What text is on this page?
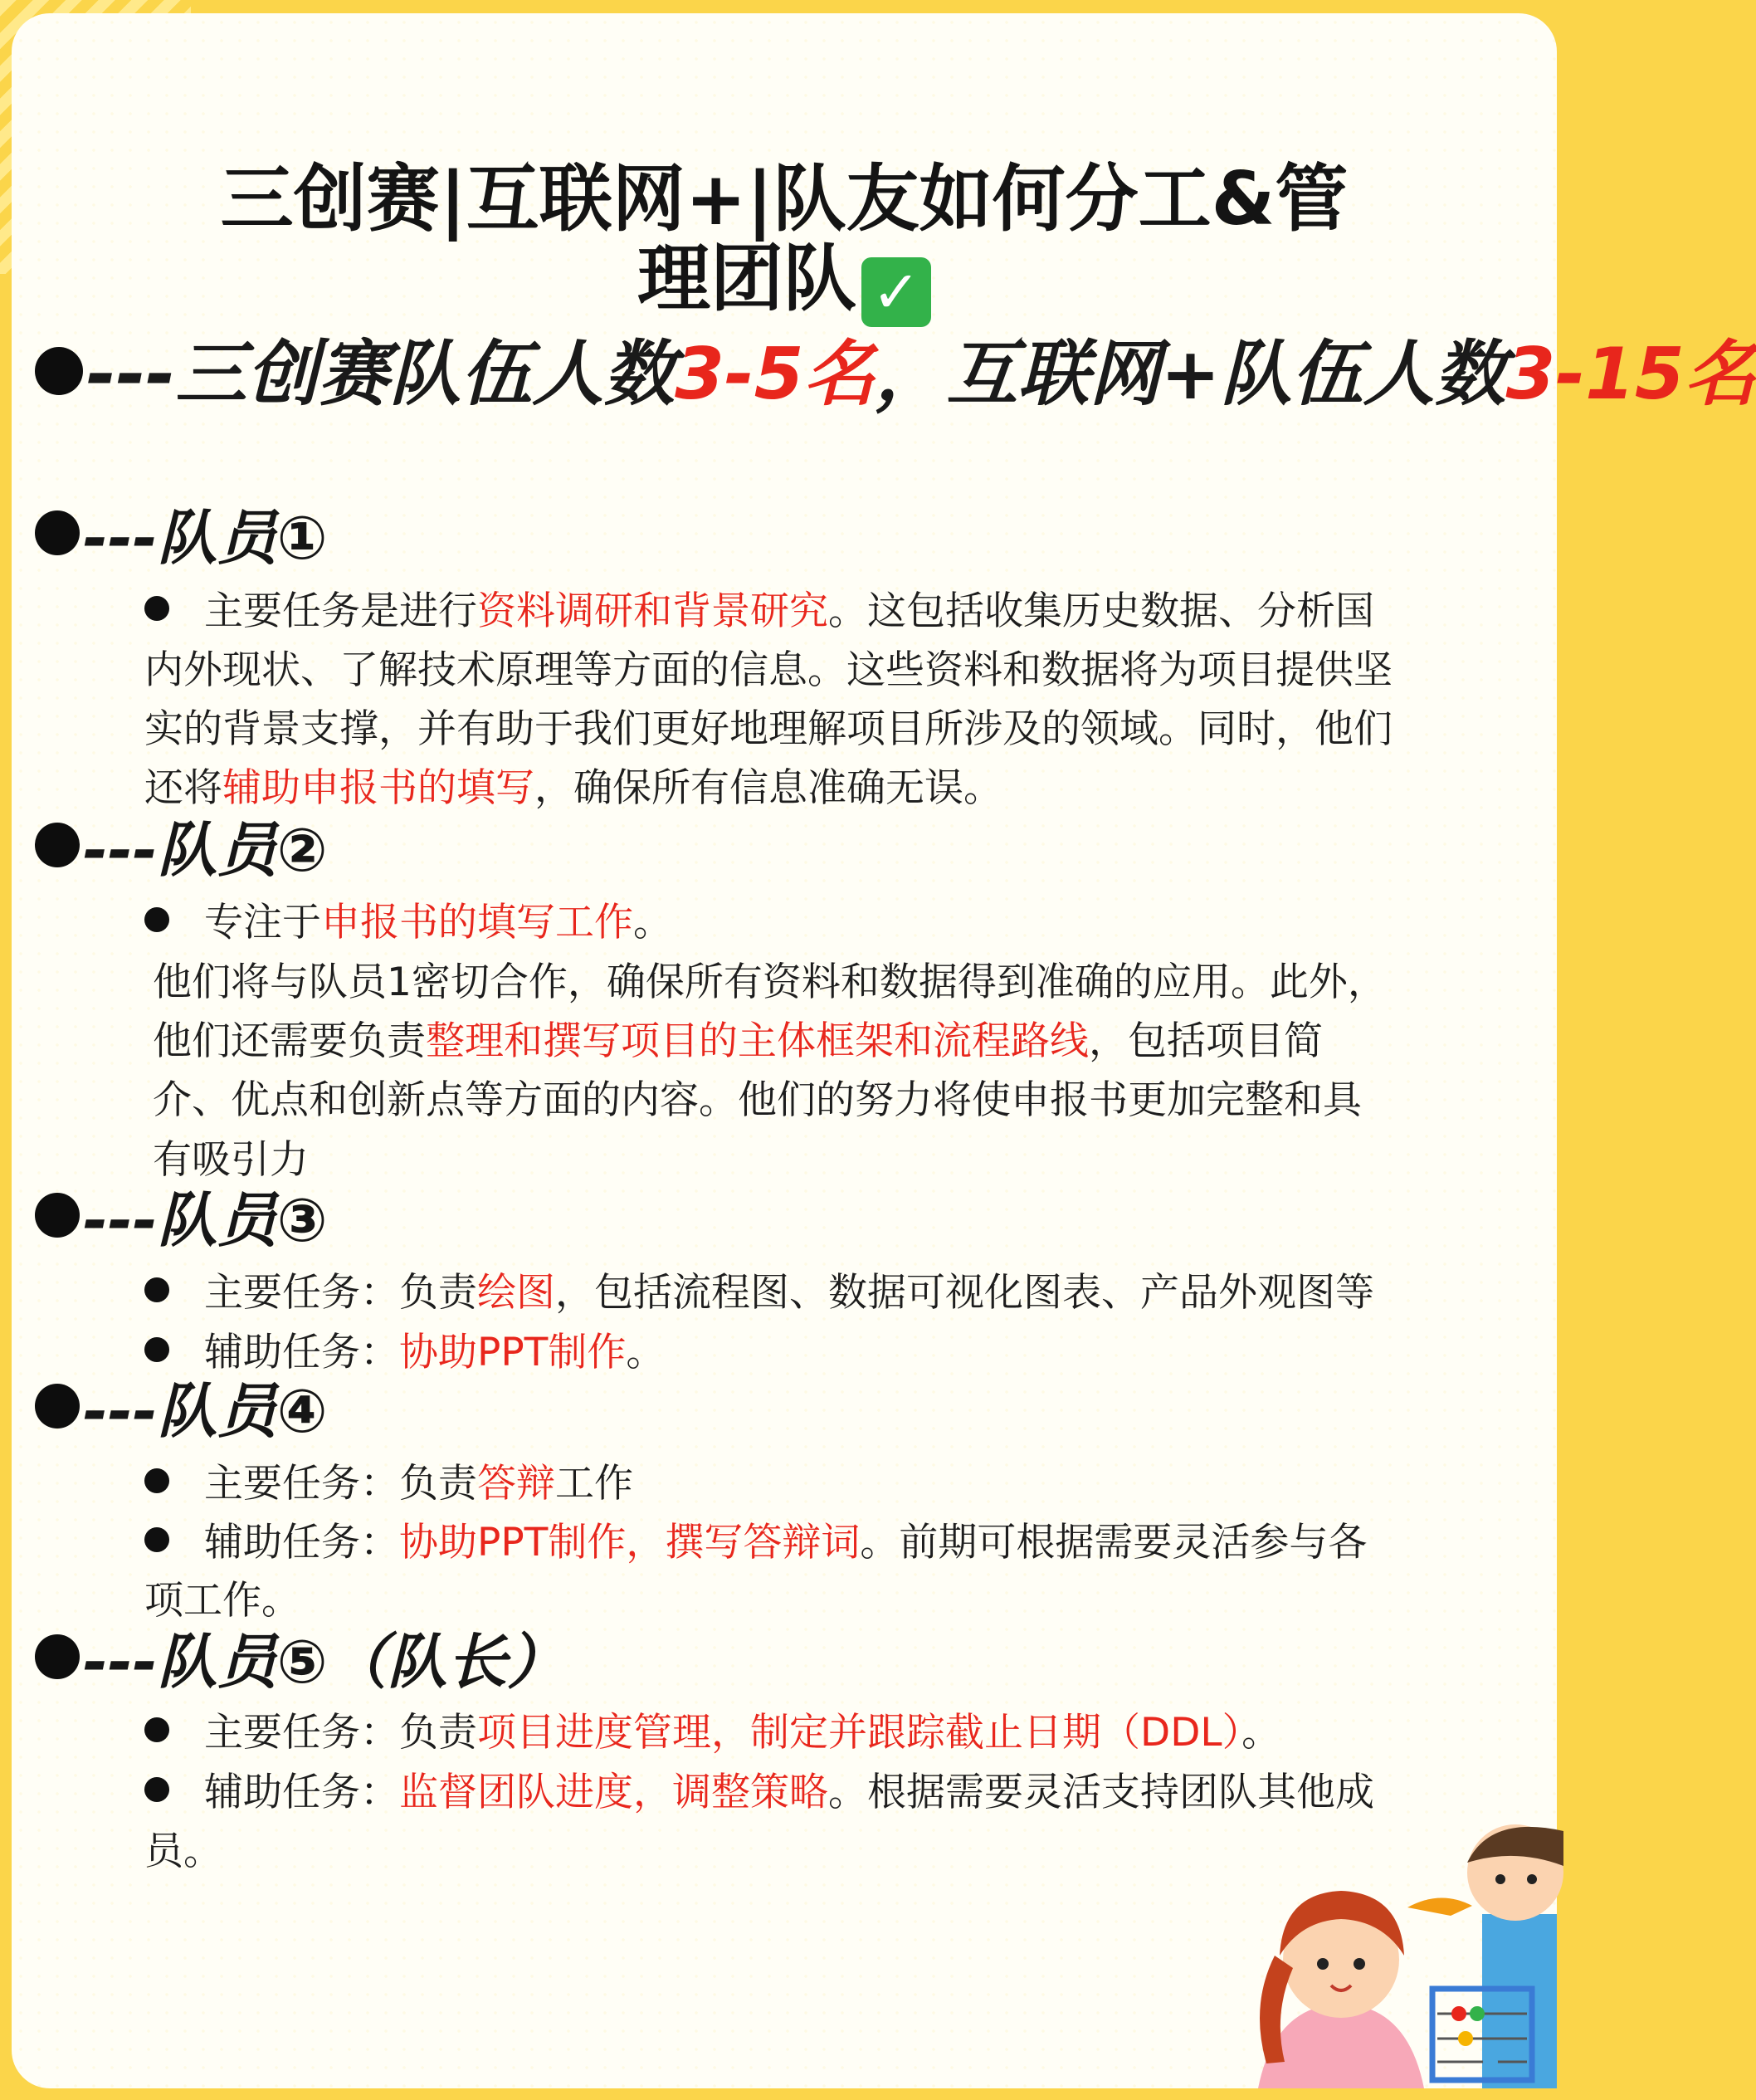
三创赛|互联网+|队友如何分工&管
理团队 ✓
---三创赛队伍人数3-5名，互联网+队伍人数3-15名
---队员①
主要任务是进行资料调研和背景研究。这包括收集历史数据、分析国
内外现状、了解技术原理等方面的信息。这些资料和数据将为项目提供坚
实的背景支撑，并有助于我们更好地理解项目所涉及的领域。同时，他们
还将辅助申报书的填写，确保所有信息准确无误。
---队员②
专注于申报书的填写工作。
他们将与队员1密切合作，确保所有资料和数据得到准确的应用。此外，
他们还需要负责整理和撰写项目的主体框架和流程路线，包括项目简
介、优点和创新点等方面的内容。他们的努力将使申报书更加完整和具
有吸引力
---队员③
主要任务：负责绘图，包括流程图、数据可视化图表、产品外观图等
辅助任务：协助PPT制作。
---队员④
主要任务：负责答辩工作
辅助任务：协助PPT制作，撰写答辩词。前期可根据需要灵活参与各
项工作。
---队员⑤（队长）
主要任务：负责项目进度管理，制定并跟踪截止日期（DDL）。
辅助任务：监督团队进度，调整策略。根据需要灵活支持团队其他成
员。
